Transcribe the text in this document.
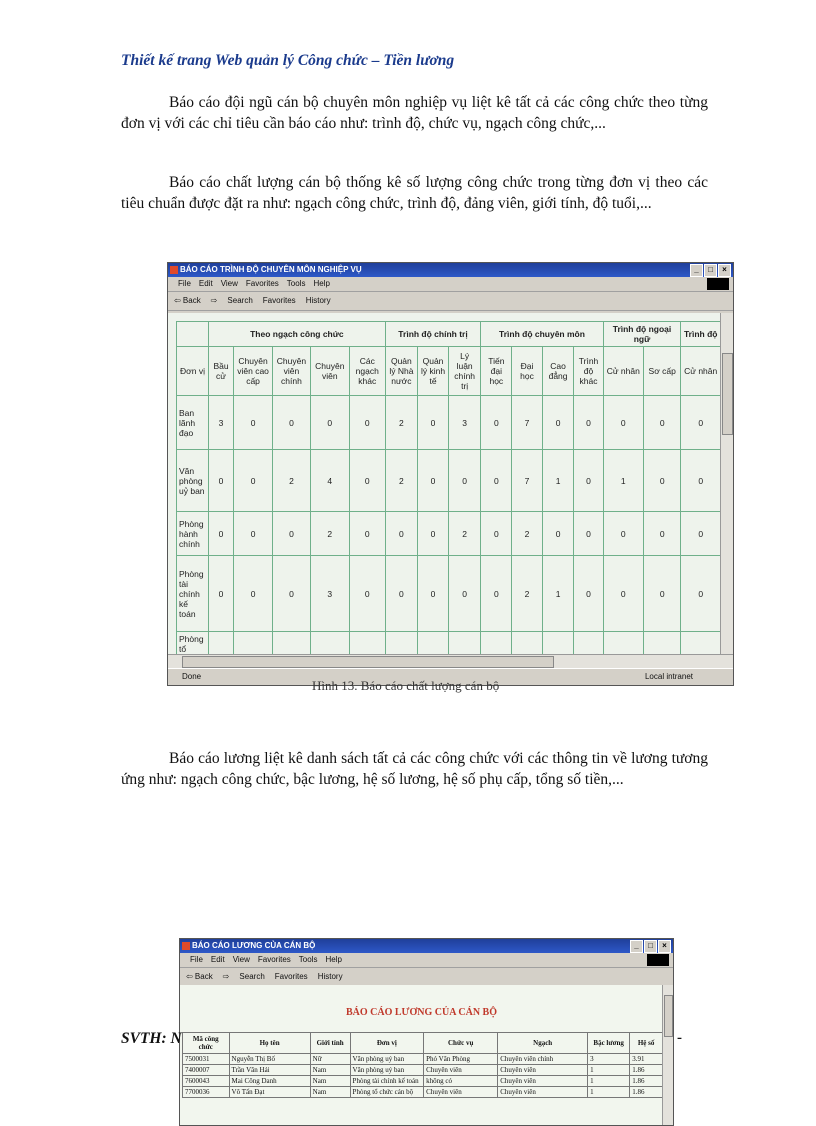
Thiết kế trang Web quản lý Công chức – Tiền lương
Báo cáo đội ngũ cán bộ chuyên môn nghiệp vụ liệt kê tất cả các công chức theo từng đơn vị với các chỉ tiêu cần báo cáo như: trình độ, chức vụ, ngạch công chức,...
Báo cáo chất lượng cán bộ thống kê số lượng công chức trong từng đơn vị theo các tiêu chuẩn được đặt ra như: ngạch công chức, trình độ, đảng viên, giới tính, độ tuổi,...
BÁO CÁO TRÌNH ĐỘ CHUYÊN MÔN NGHIỆP VỤ	_	□	×
File Edit View Favorites Tools Help
⇦ Back ⇨ Search Favorites History
	Theo ngạch công chức					Trình độ chính trị			Trình độ chuyên môn				Trình độ ngoại ngữ		Trình độ
Đơn vị	Bầu cử	Chuyên viên cao cấp	Chuyên viên chính	Chuyên viên	Các ngạch khác	Quản lý Nhà nước	Quản lý kinh tế	Lý luận chính trị	Tiến đại học	Đại học	Cao đẳng	Trình độ khác	Cử nhân	Sơ cấp	Cử nhân
Ban lãnh đạo	3	0	0	0	0	2	0	3	0	7	0	0	0	0	0
Văn phòng uỷ ban	0	0	2	4	0	2	0	0	0	7	1	0	1	0	0
Phòng hành chính	0	0	0	2	0	0	0	2	0	2	0	0	0	0	0
Phòng tài chính kế toán	0	0	0	3	0	0	0	0	0	2	1	0	0	0	0
Phòng tổ															
Done	Local intranet
Hình 13. Báo cáo chất lượng cán bộ
Báo cáo lương liệt kê danh sách tất cả các công chức với các thông tin về lương tương ứng như: ngạch công chức, bậc lương, hệ số lương, hệ số phụ cấp, tổng số tiền,...
BÁO CÁO LƯƠNG CỦA CÁN BỘ	_	□	×
File Edit View Favorites Tools Help
⇦ Back ⇨ Search Favorites History
BÁO CÁO LƯƠNG CỦA CÁN BỘ
Mã công chức	Họ tên	Giới tính	Đơn vị	Chức vụ	Ngạch	Bậc lương	Hệ số
7500031	Nguyễn Thị Bố	Nữ	Văn phòng uỷ ban	Phó Văn Phòng	Chuyên viên chính	3	3.91
7400007	Trần Văn Hải	Nam	Văn phòng uỷ ban	Chuyên viên	Chuyên viên	1	1.86
7600043	Mai Công Danh	Nam	Phòng tài chính kế toán	không có	Chuyên viên	1	1.86
7700036	Võ Tấn Đạt	Nam	Phòng tổ chức cán bộ	Chuyên viên	Chuyên viên	1	1.86
SVTH: N	-
